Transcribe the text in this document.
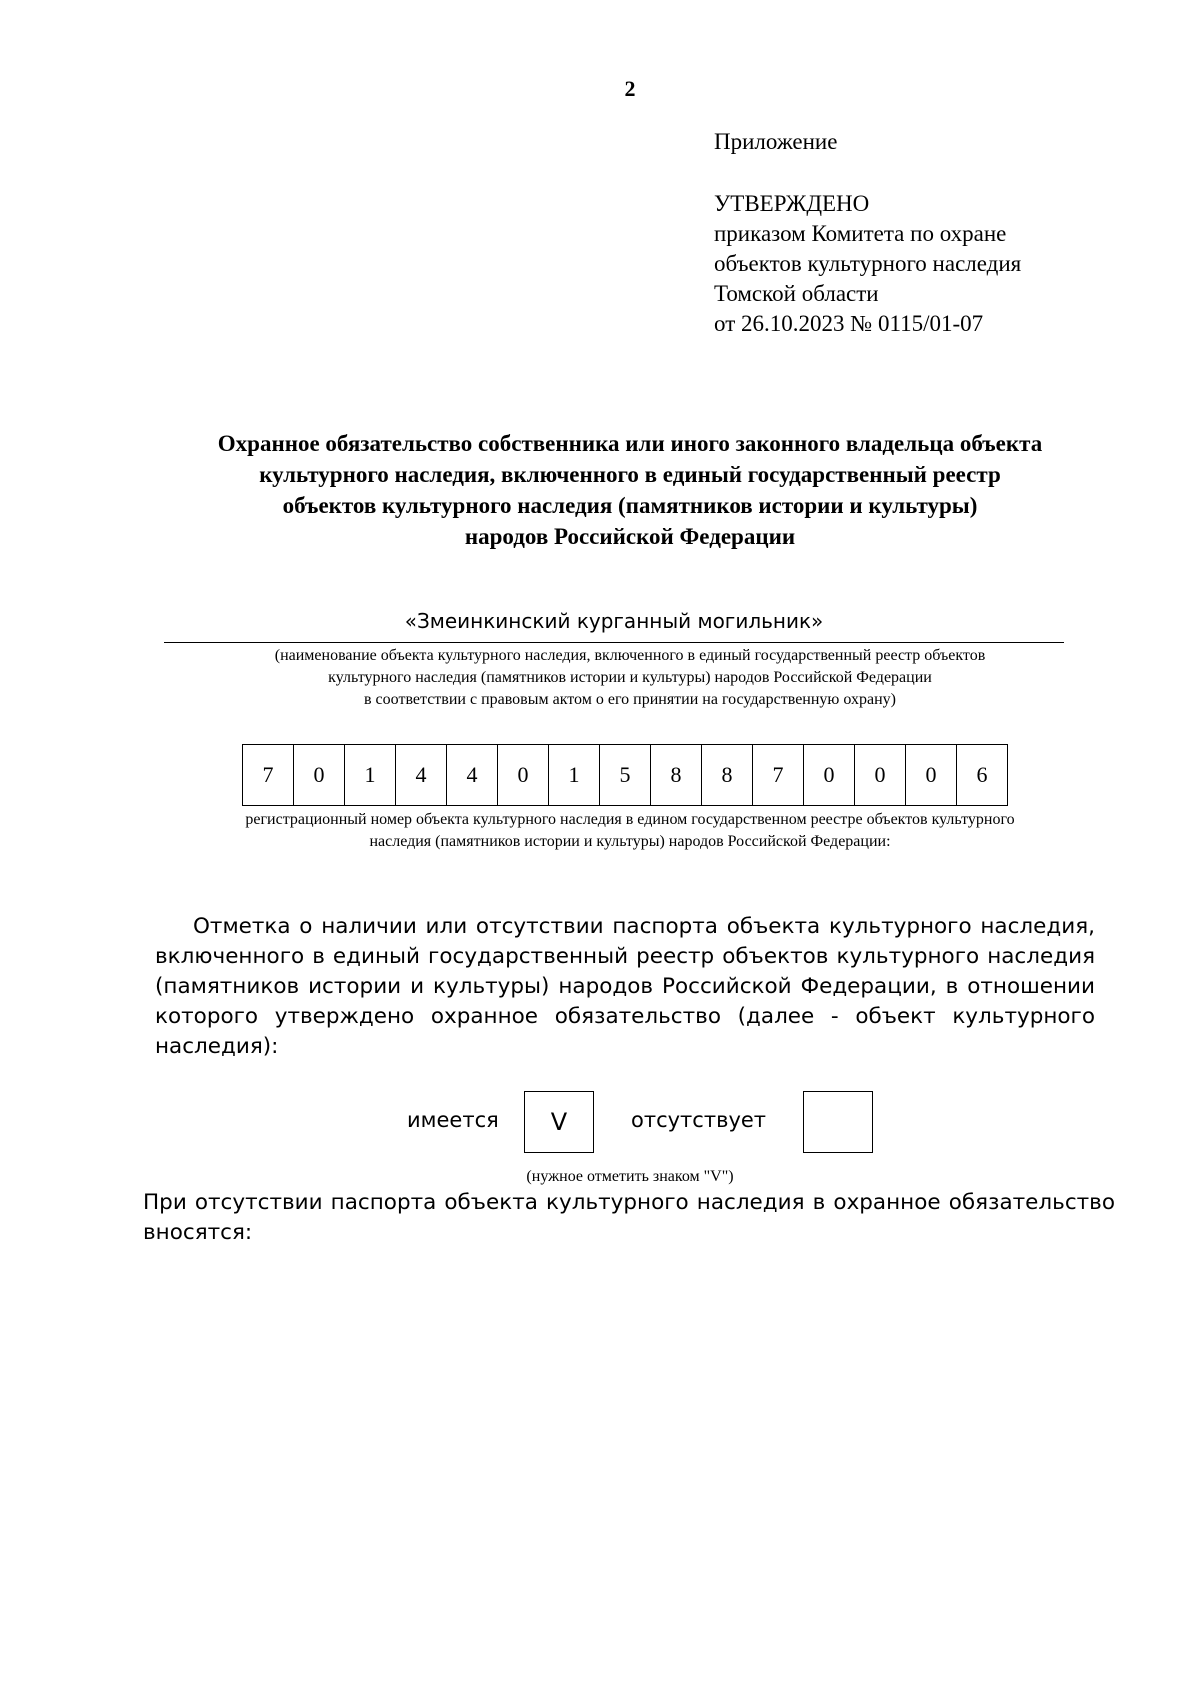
2
Приложение
УТВЕРЖДЕНО
приказом Комитета по охране
объектов культурного наследия
Томской области
от 26.10.2023 № 0115/01-07
Охранное обязательство собственника или иного законного владельца объекта
культурного наследия, включенного в единый государственный реестр
объектов культурного наследия (памятников истории и культуры)
народов Российской Федерации
«Змеинкинский курганный могильник»
(наименование объекта культурного наследия, включенного в единый государственный реестр объектов
культурного наследия (памятников истории и культуры) народов Российской Федерации
в соответствии с правовым актом о его принятии на государственную охрану)
7	0	1	4	4	0	1	5	8	8	7	0	0	0	6
регистрационный номер объекта культурного наследия в едином государственном реестре объектов культурного
наследия (памятников истории и культуры) народов Российской Федерации:
Отметка о наличии или отсутствии паспорта объекта культурного наследия, включенного в единый государственный реестр объектов культурного наследия (памятников истории и культуры) народов Российской Федерации, в отношении которого утверждено охранное обязательство (далее - объект культурного наследия):
имеется	V	отсутствует
(нужное отметить знаком "V")
При отсутствии паспорта объекта культурного наследия в охранное обязательство вносятся:
